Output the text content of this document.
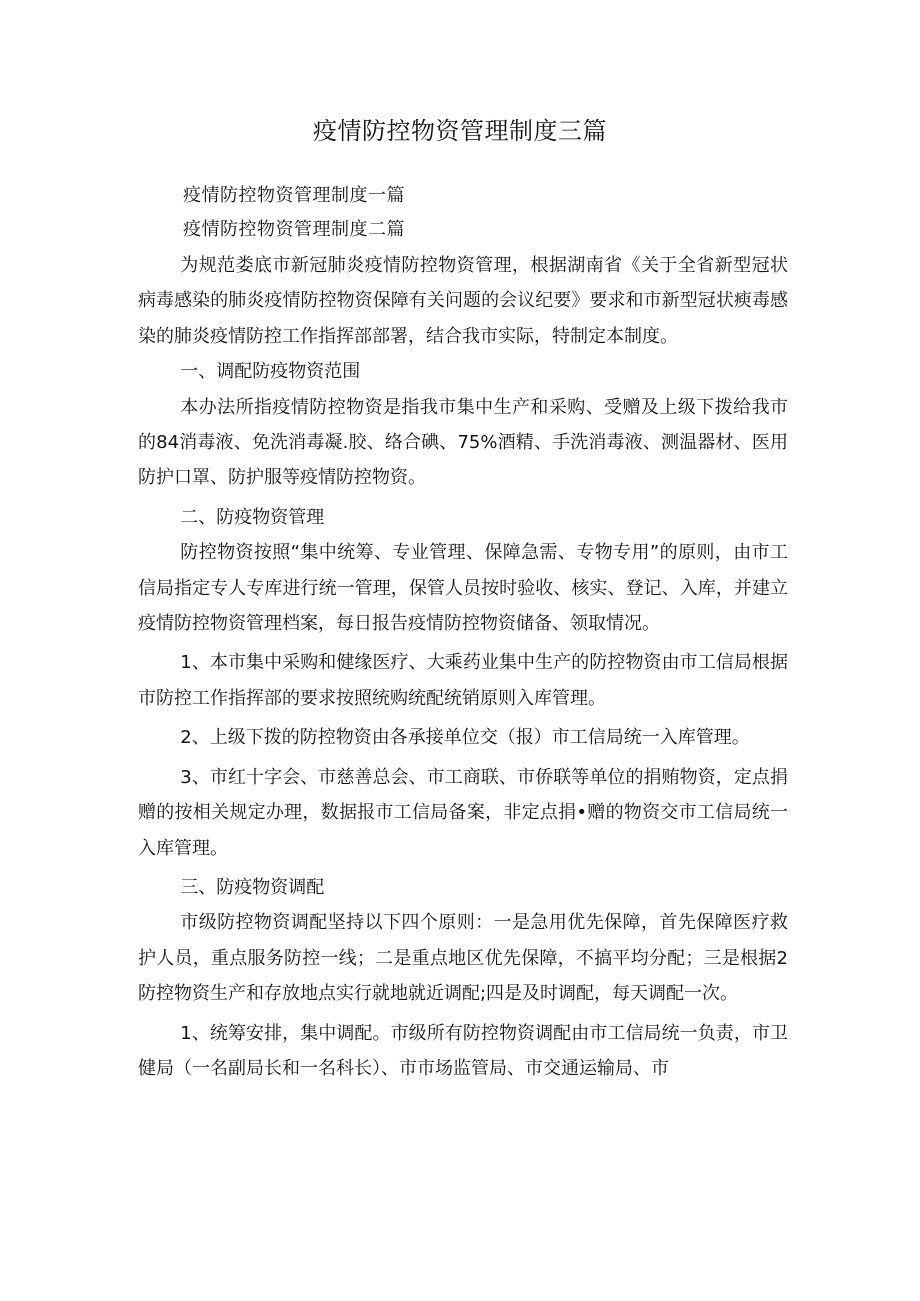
疫情防控物资管理制度三篇

疫情防控物资管理制度一篇

疫情防控物资管理制度二篇

为规范娄底市新冠肺炎疫情防控物资管理，根据湖南省《关于全省新型冠状病毒感染的肺炎疫情防控物资保障有关问题的会议纪要》要求和市新型冠状瘐毒感染的肺炎疫情防控工作指挥部部署，结合我市实际，特制定本制度。

一、调配防疫物资范围

本办法所指疫情防控物资是指我市集中生产和采购、受赠及上级下拨给我市的84消毒液、免洗消毒凝.胶、络合碘、75%酒精、手洗消毒液、测温器材、医用防护口罩、防护服等疫情防控物资。

二、防疫物资管理

防控物资按照“集中统筹、专业管理、保障急需、专物专用”的原则，由市工信局指定专人专库进行统一管理，保管人员按时验收、核实、登记、入库，并建立疫情防控物资管理档案，每日报告疫情防控物资储备、领取情况。

1、本市集中采购和健缘医疗、大乘药业集中生产的防控物资由市工信局根据市防控工作指挥部的要求按照统购统配统销原则入库管理。

2、上级下拨的防控物资由各承接单位交（报）市工信局统一入库管理。

3、市红十字会、市慈善总会、市工商联、市侨联等单位的捐贿物资，定点捐赠的按相关规定办理，数据报市工信局备案，非定点捐•赠的物资交市工信局统一入库管理。

三、防疫物资调配

市级防控物资调配坚持以下四个原则：一是急用优先保障，首先保障医疗救护人员，重点服务防控一线；二是重点地区优先保障，不搞平均分配；三是根据2防控物资生产和存放地点实行就地就近调配;四是及时调配，每天调配一次。

1、统筹安排，集中调配。市级所有防控物资调配由市工信局统一负责，市卫健局（一名副局长和一名科长）、市市场监管局、市交通运输局、市
